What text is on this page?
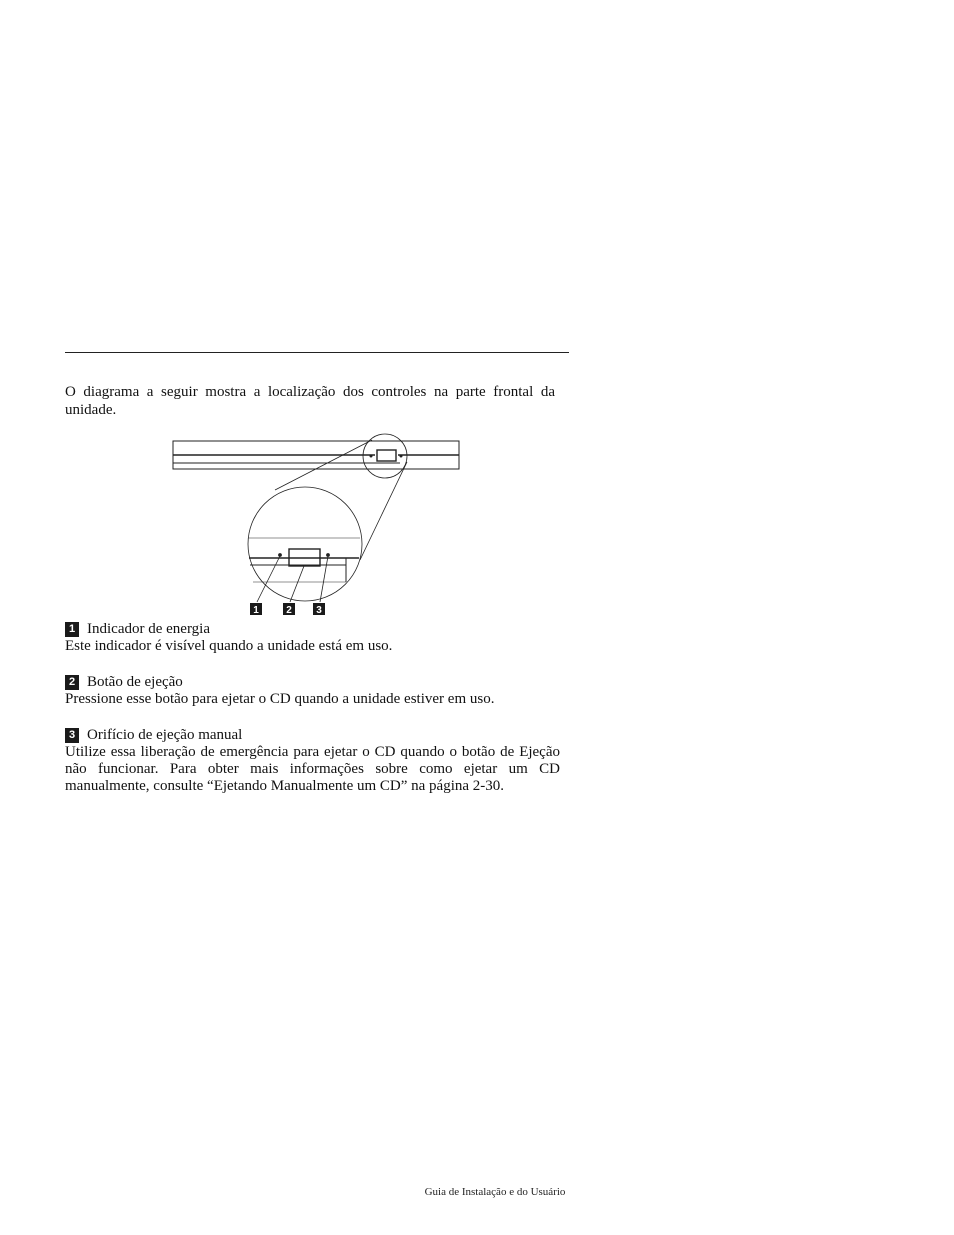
O diagrama a seguir mostra a localização dos controles na parte frontal da unidade.

1	2 3
1 Indicador de energia

Este indicador é visível quando a unidade está em uso.

2 Botão de ejeção

Pressione esse botão para ejetar o CD quando a unidade estiver em uso.

3 Orifício de ejeção manual

Utilize essa liberação de emergência para ejetar o CD quando o botão de Ejeção não funcionar. Para obter mais informações sobre como ejetar um CD manualmente, consulte “Ejetando Manualmente um CD” na página 2-30.

Guia de Instalação e do Usuário
